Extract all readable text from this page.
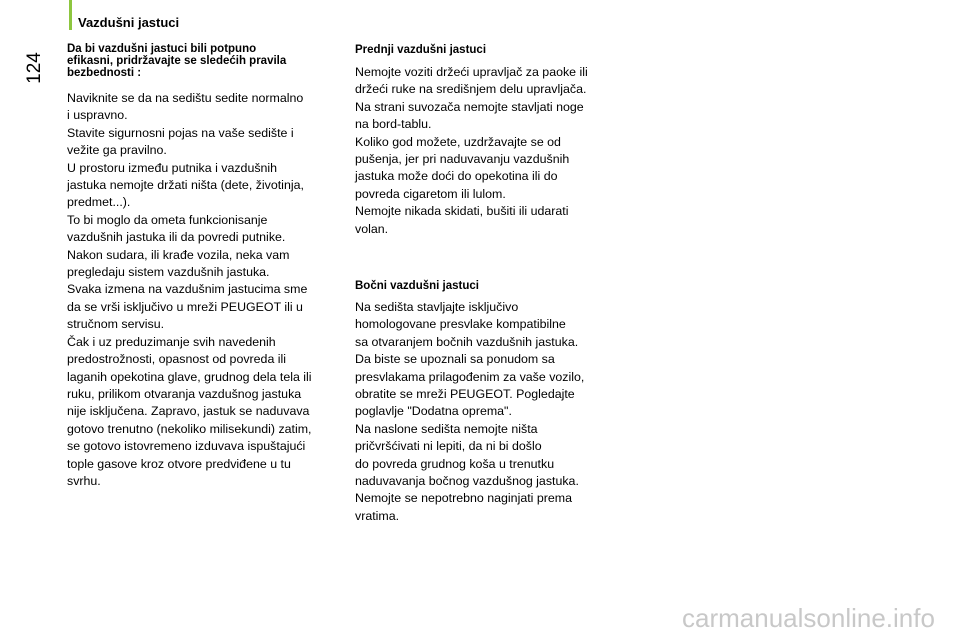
Vazdušni jastuci
124

Da bi vazdušni jastuci bili potpuno
efikasni, pridržavajte se sledećih pravila
bezbednosti :

Naviknite se da na sedištu sedite normalno
i uspravno.
Stavite sigurnosni pojas na vaše sedište i
vežite ga pravilno.
U prostoru između putnika i vazdušnih
jastuka nemojte držati ništa (dete, životinja,
predmet...).
To bi moglo da ometa funkcionisanje
vazdušnih jastuka ili da povredi putnike.
Nakon sudara, ili krađe vozila, neka vam
pregledaju sistem vazdušnih jastuka.
Svaka izmena na vazdušnim jastucima sme
da se vrši isključivo u mreži PEUGEOT ili u
stručnom servisu.
Čak i uz preduzimanje svih navedenih
predostrožnosti, opasnost od povreda ili
laganih opekotina glave, grudnog dela tela ili
ruku, prilikom otvaranja vazdušnog jastuka
nije isključena. Zapravo, jastuk se naduvava
gotovo trenutno (nekoliko milisekundi) zatim,
se gotovo istovremeno izduvava ispuštajući
tople gasove kroz otvore predviđene u tu
svrhu.

Prednji vazdušni jastuci

Nemojte voziti držeći upravljač za paoke ili
držeći ruke na središnjem delu upravljača.
Na strani suvozača nemojte stavljati noge
na bord-tablu.
Koliko god možete, uzdržavajte se od
pušenja, jer pri naduvavanju vazdušnih
jastuka može doći do opekotina ili do
povreda cigaretom ili lulom.
Nemojte nikada skidati, bušiti ili udarati
volan.

Bočni vazdušni jastuci

Na sedišta stavljajte isključivo
homologovane presvlake kompatibilne
sa otvaranjem bočnih vazdušnih jastuka.
Da biste se upoznali sa ponudom sa
presvlakama prilagođenim za vaše vozilo,
obratite se mreži PEUGEOT. Pogledajte
poglavlje "Dodatna oprema".
Na naslone sedišta nemojte ništa
pričvršćivati ni lepiti, da ni bi došlo
do povreda grudnog koša u trenutku
naduvavanja bočnog vazdušnog jastuka.
Nemojte se nepotrebno naginjati prema
vratima.

carmanualsonline.info
